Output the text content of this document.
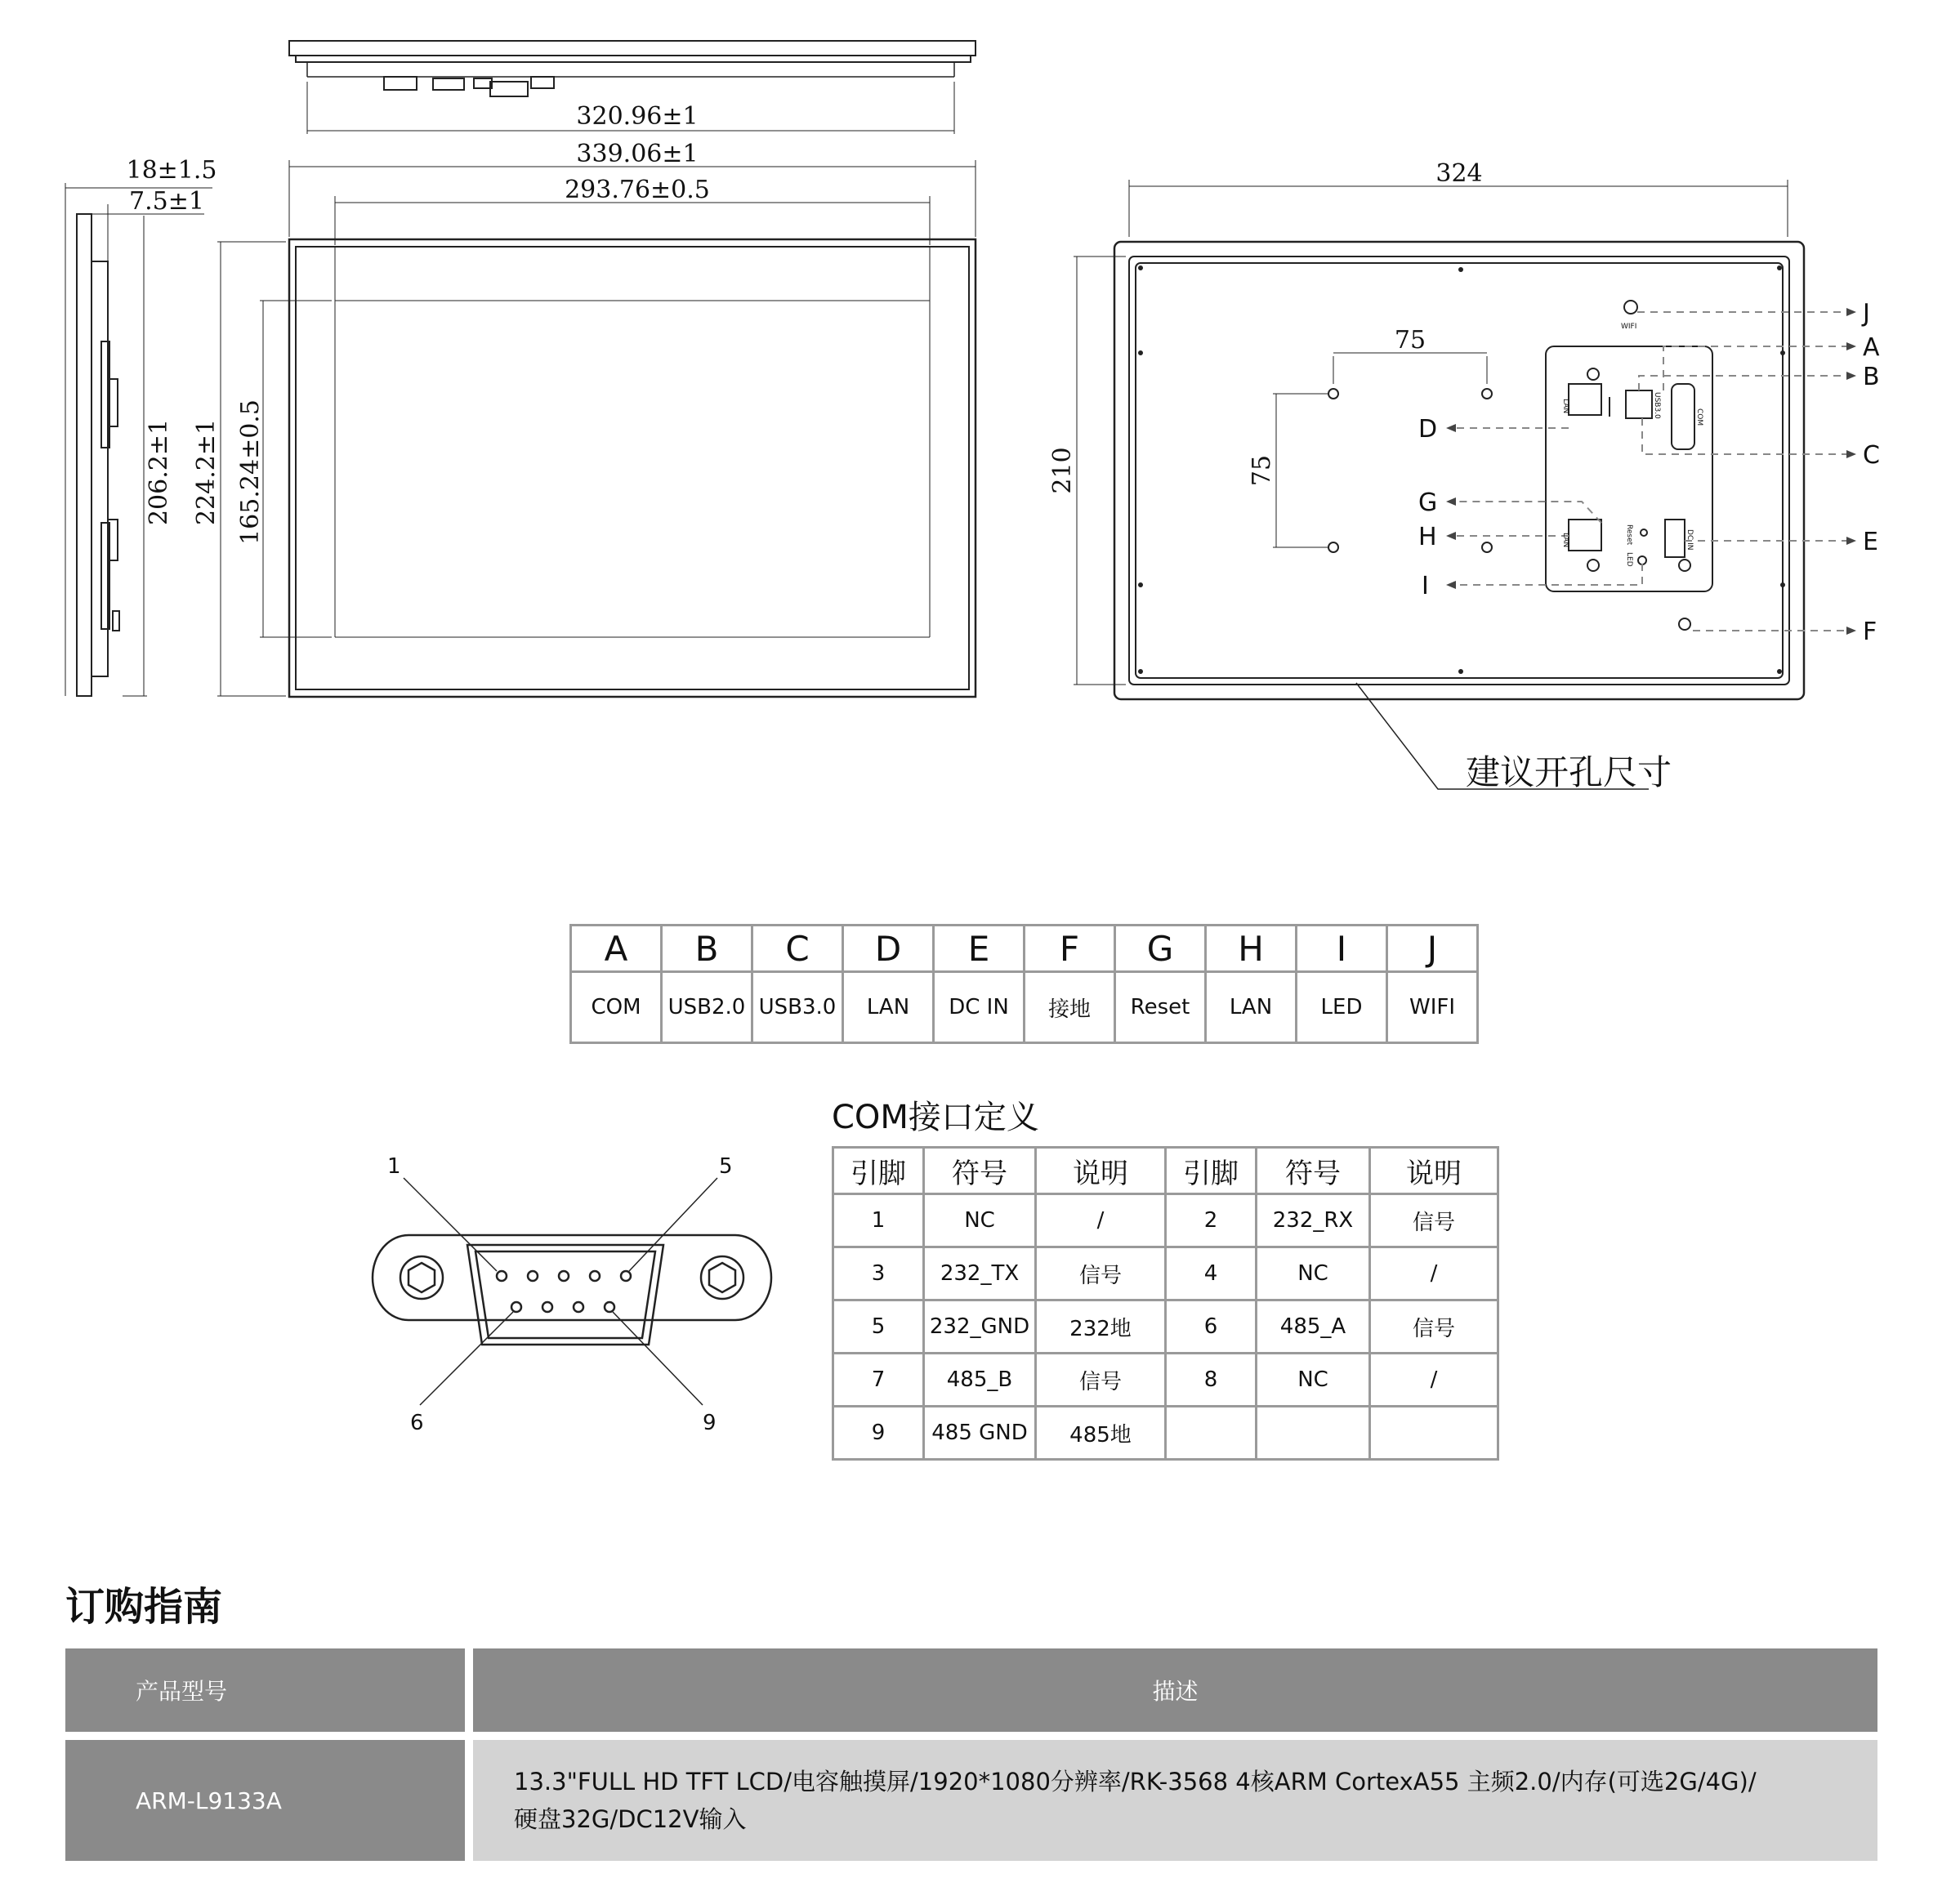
320.96±1
339.06±1
293.76±0.5
18±1.5
7.5±1
206.2±1 224.2±1 165.24±0.5
324
210
75
75
J
A
B
C
D
G
H
I
E
F
WIFI
LAN	USB3.0	COM
LAN	Reset
LED
DC IN
建议开孔尺寸
1	5
6	9
A	B	C	D	E	F	G	H	I	J
COM	USB2.0	USB3.0	LAN	DC IN	接地	Reset	LAN	LED	WIFI
COM接口定义
引脚	符号	说明	引脚	符号	说明
1	NC	/	2	232_RX	信号
3	232_TX	信号	4	NC	/
5	232_GND	232地	6	485_A	信号
7	485_B	信号	8	NC	/
9	485 GND	485地			
订购指南
产品型号	描述

ARM-L9133A	13.3"FULL HD TFT LCD/电容触摸屏/1920*1080分辨率/RK-3568 4核ARM CortexA55 主频2.0/内存(可选2G/4G)/
硬盘32G/DC12V输入
